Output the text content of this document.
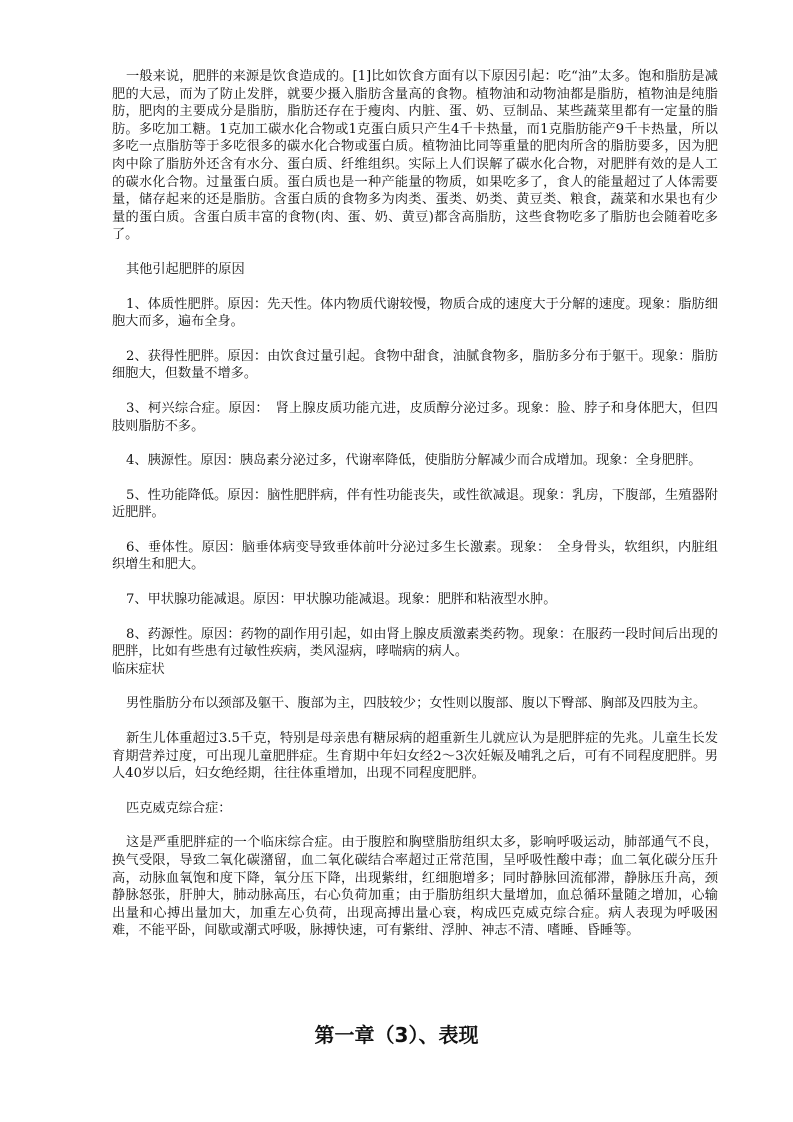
一般来说，肥胖的来源是饮食造成的。[1]比如饮食方面有以下原因引起：吃“油”太多。饱和脂肪是减肥的大忌，而为了防止发胖，就要少摄入脂肪含量高的食物。植物油和动物油都是脂肪，植物油是纯脂肪，肥肉的主要成分是脂肪，脂肪还存在于瘦肉、内脏、蛋、奶、豆制品、某些蔬菜里都有一定量的脂肪。多吃加工糖。1克加工碳水化合物或1克蛋白质只产生4千卡热量，而1克脂肪能产9千卡热量，所以多吃一点脂肪等于多吃很多的碳水化合物或蛋白质。植物油比同等重量的肥肉所含的脂肪要多，因为肥肉中除了脂肪外还含有水分、蛋白质、纤维组织。实际上人们误解了碳水化合物，对肥胖有效的是人工的碳水化合物。过量蛋白质。蛋白质也是一种产能量的物质，如果吃多了，食人的能量超过了人体需要量，储存起来的还是脂肪。含蛋白质的食物多为肉类、蛋类、奶类、黄豆类、粮食，蔬菜和水果也有少量的蛋白质。含蛋白质丰富的食物(肉、蛋、奶、黄豆)都含高脂肪，这些食物吃多了脂肪也会随着吃多了。

其他引起肥胖的原因

1、体质性肥胖。原因：先天性。体内物质代谢较慢，物质合成的速度大于分解的速度。现象：脂肪细胞大而多，遍布全身。

2、获得性肥胖。原因：由饮食过量引起。食物中甜食，油腻食物多，脂肪多分布于躯干。现象：脂肪细胞大，但数量不增多。

3、柯兴综合症。原因：　肾上腺皮质功能亢进，皮质醇分泌过多。现象：脸、脖子和身体肥大，但四肢则脂肪不多。

4、胰源性。原因：胰岛素分泌过多，代谢率降低，使脂肪分解减少而合成增加。现象：全身肥胖。

5、性功能降低。原因：脑性肥胖病，伴有性功能丧失，或性欲减退。现象：乳房，下腹部，生殖器附近肥胖。

6、垂体性。原因：脑垂体病变导致垂体前叶分泌过多生长激素。现象：　全身骨头，软组织，内脏组织增生和肥大。

7、甲状腺功能减退。原因：甲状腺功能减退。现象：肥胖和粘液型水肿。

8、药源性。原因：药物的副作用引起，如由肾上腺皮质激素类药物。现象：在服药一段时间后出现的肥胖，比如有些患有过敏性疾病，类风湿病，哮喘病的病人。

临床症状

男性脂肪分布以颈部及躯干、腹部为主，四肢较少；女性则以腹部、腹以下臀部、胸部及四肢为主。

新生儿体重超过3.5千克，特别是母亲患有糖尿病的超重新生儿就应认为是肥胖症的先兆。儿童生长发育期营养过度，可出现儿童肥胖症。生育期中年妇女经2～3次妊娠及哺乳之后，可有不同程度肥胖。男人40岁以后，妇女绝经期，往往体重增加，出现不同程度肥胖。

匹克威克综合症：

这是严重肥胖症的一个临床综合症。由于腹腔和胸壁脂肪组织太多，影响呼吸运动，肺部通气不良，换气受限，导致二氧化碳潴留，血二氧化碳结合率超过正常范围，呈呼吸性酸中毒；血二氧化碳分压升高，动脉血氧饱和度下降，氧分压下降，出现紫绀，红细胞增多；同时静脉回流郁滞，静脉压升高，颈静脉怒张，肝肿大，肺动脉高压，右心负荷加重；由于脂肪组织大量增加，血总循环量随之增加，心输出量和心搏出量加大，加重左心负荷，出现高搏出量心衰，构成匹克威克综合症。病人表现为呼吸困难，不能平卧，间歇或潮式呼吸，脉搏快速，可有紫绀、浮肿、神志不清、嗜睡、昏睡等。

第一章（3）、表现
